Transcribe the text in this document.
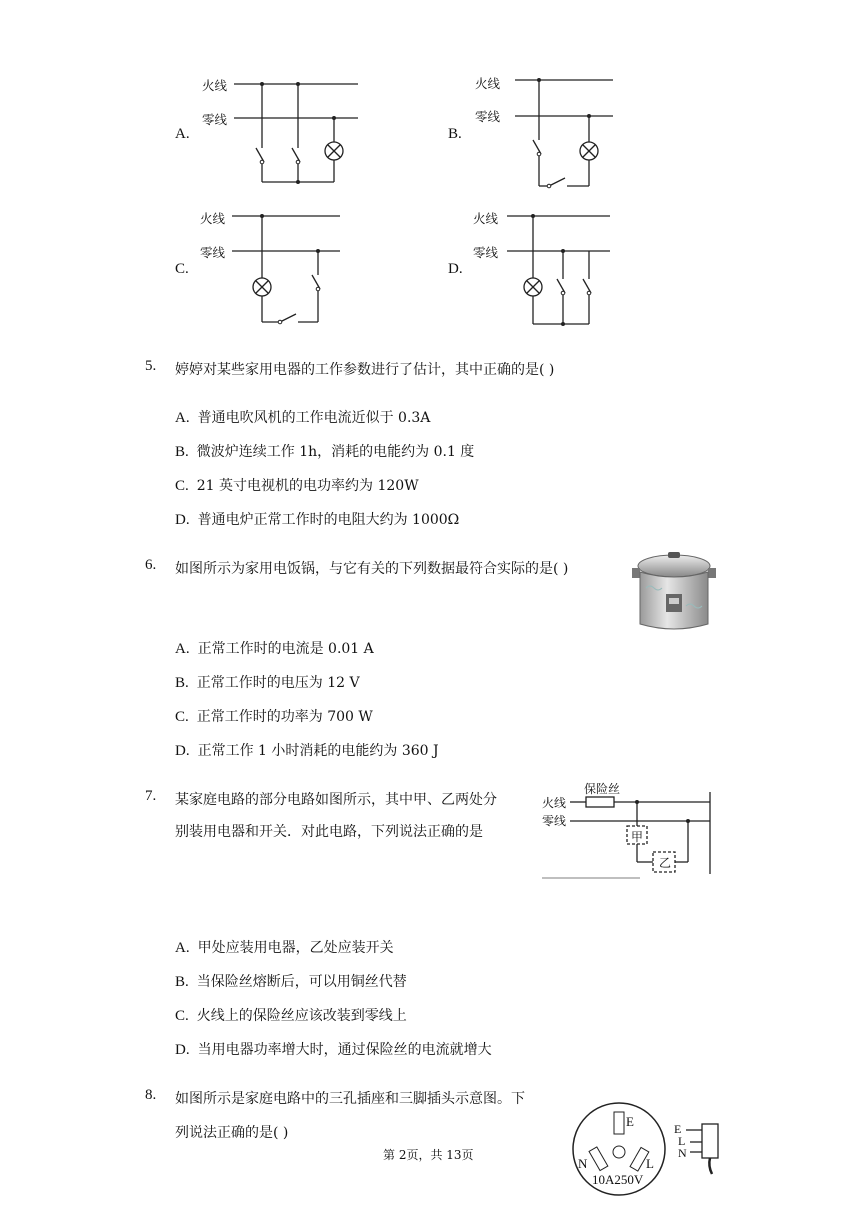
A.
火线
零线
B.
火线
零线
C.
火线
零线
D.
火线
零线
5. 婷婷对某些家用电器的工作参数进行了估计，其中正确的是( )
A. 普通电吹风机的工作电流近似于 0.3A
B. 微波炉连续工作 1h，消耗的电能约为 0.1 度
C. 21 英寸电视机的电功率约为 120W
D. 普通电炉正常工作时的电阻大约为 1000Ω
6. 如图所示为家用电饭锅，与它有关的下列数据最符合实际的是( )
A. 正常工作时的电流是 0.01 A
B. 正常工作时的电压为 12 V
C. 正常工作时的功率为 700 W
D. 正常工作 1 小时消耗的电能约为 360 J
7. 某家庭电路的部分电路如图所示，其中甲、乙两处分
别装用电器和开关．对此电路，下列说法正确的是
保险丝
火线
零线
甲
乙
A. 甲处应装用电器，乙处应装开关
B. 当保险丝熔断后，可以用铜丝代替
C. 火线上的保险丝应该改装到零线上
D. 当用电器功率增大时，通过保险丝的电流就增大
8. 如图所示是家庭电路中的三孔插座和三脚插头示意图。下
列说法正确的是( )
E
N	L
10A250V
E
L
N
第 2页，共 13页
